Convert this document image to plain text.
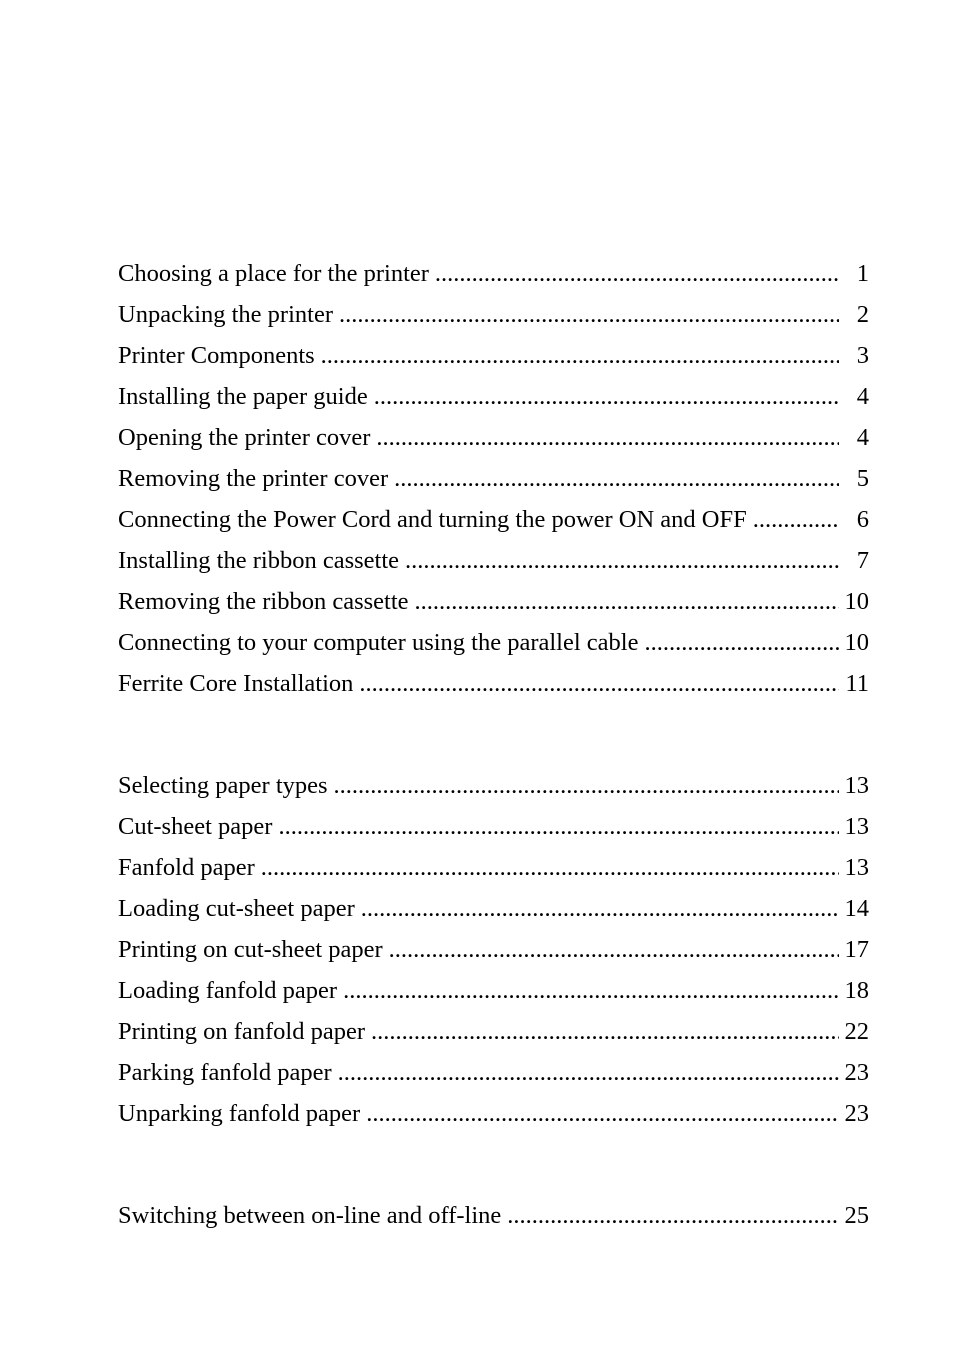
Choosing a place for the printer .....	1
Unpacking the printer .....	2
Printer Components .....	3
Installing the paper guide .....	4
Opening the printer cover .....	4
Removing the printer cover .....	5
Connecting the Power Cord and turning the power ON and OFF .....	6
Installing the ribbon cassette .....	7
Removing the ribbon cassette .....	10
Connecting to your computer using the parallel cable .....	10
Ferrite Core Installation .....	11
Selecting paper types .....	13
Cut-sheet paper .....	13
Fanfold paper .....	13
Loading cut-sheet paper .....	14
Printing on cut-sheet paper .....	17
Loading fanfold paper .....	18
Printing on fanfold paper .....	22
Parking fanfold paper .....	23
Unparking fanfold paper .....	23
Switching between on-line and off-line .....	25
